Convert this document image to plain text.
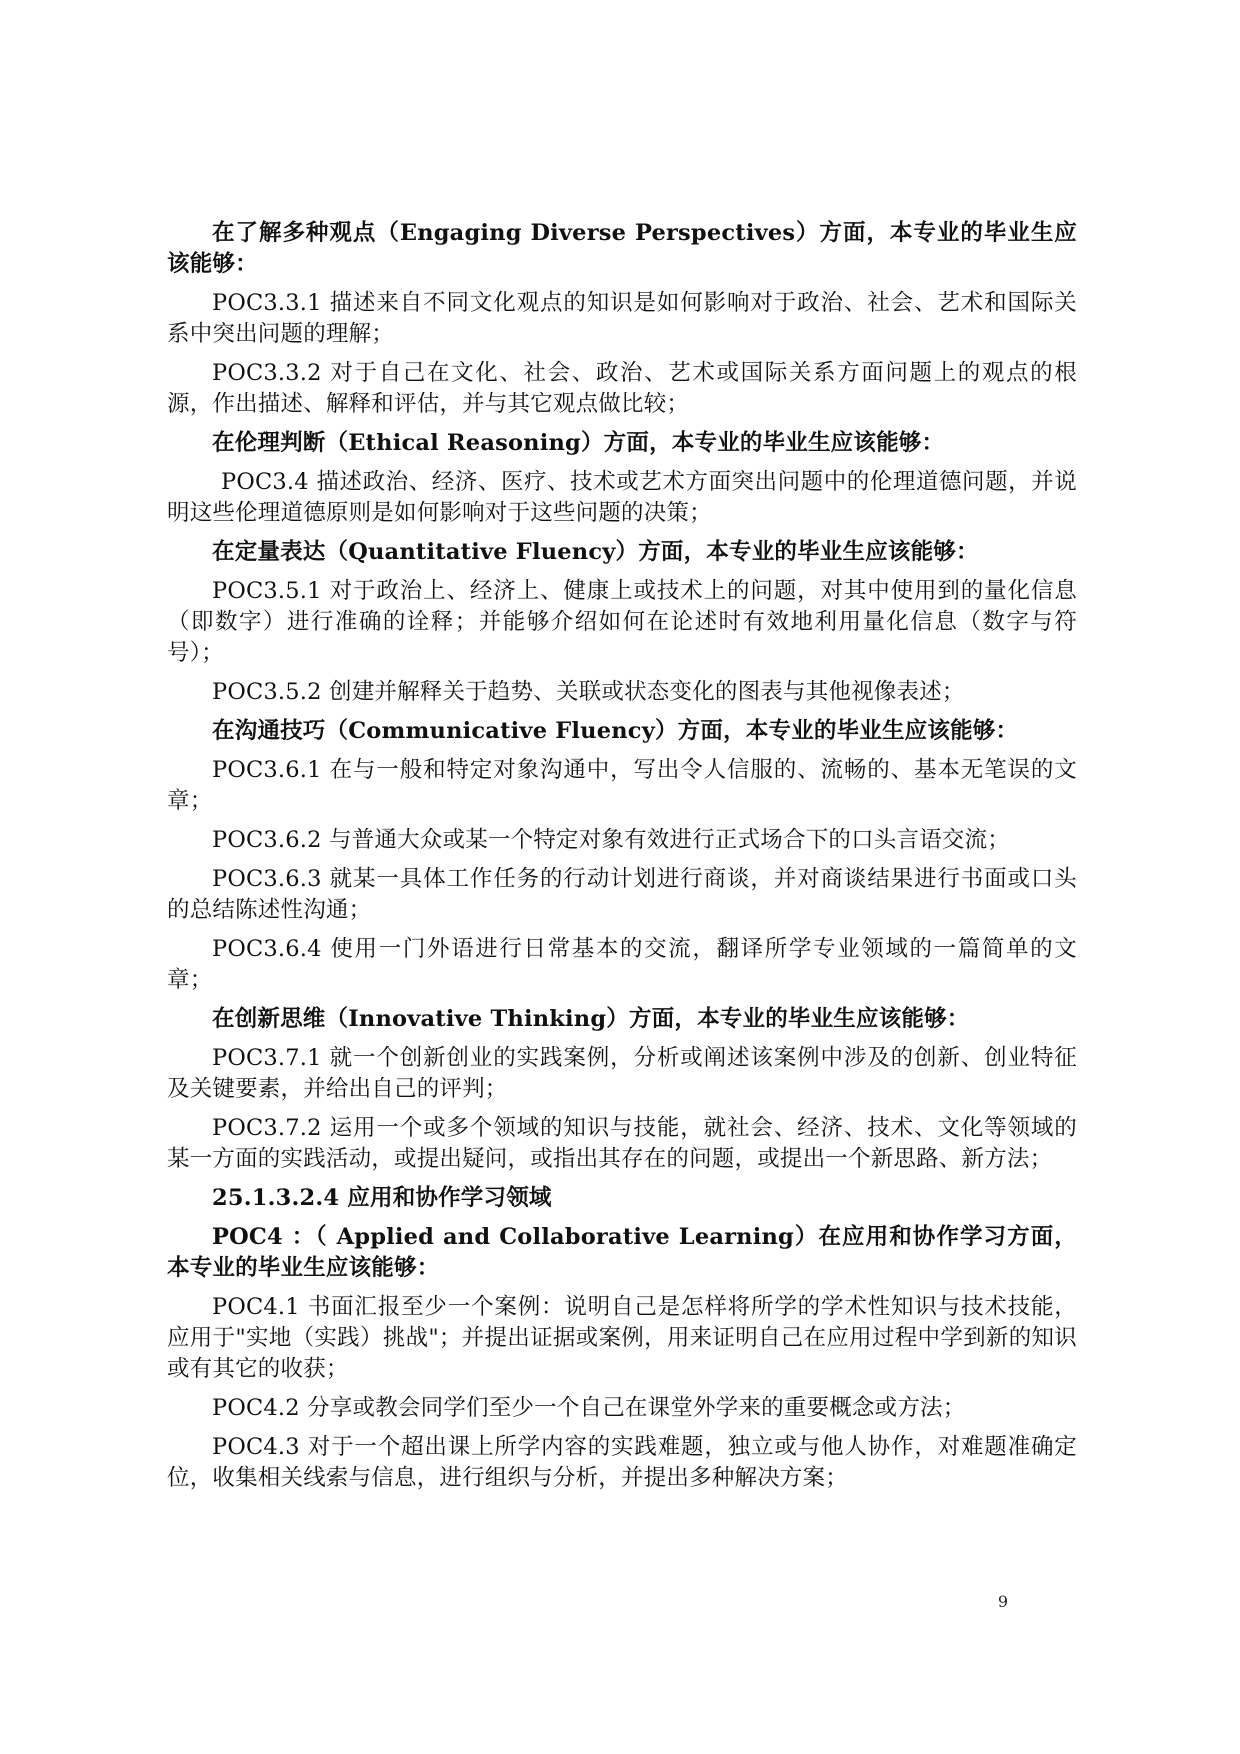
在了解多种观点（Engaging Diverse Perspectives）方面，本专业的毕业生应该能够：

POC3.3.1 描述来自不同文化观点的知识是如何影响对于政治、社会、艺术和国际关系中突出问题的理解；

POC3.3.2 对于自己在文化、社会、政治、艺术或国际关系方面问题上的观点的根源，作出描述、解释和评估，并与其它观点做比较；

在伦理判断（Ethical Reasoning）方面，本专业的毕业生应该能够：

POC3.4 描述政治、经济、医疗、技术或艺术方面突出问题中的伦理道德问题，并说明这些伦理道德原则是如何影响对于这些问题的决策；

在定量表达（Quantitative Fluency）方面，本专业的毕业生应该能够：

POC3.5.1 对于政治上、经济上、健康上或技术上的问题，对其中使用到的量化信息（即数字）进行准确的诠释；并能够介绍如何在论述时有效地利用量化信息（数字与符号）；

POC3.5.2 创建并解释关于趋势、关联或状态变化的图表与其他视像表述；

在沟通技巧（Communicative Fluency）方面，本专业的毕业生应该能够：

POC3.6.1 在与一般和特定对象沟通中，写出令人信服的、流畅的、基本无笔误的文章；

POC3.6.2 与普通大众或某一个特定对象有效进行正式场合下的口头言语交流；

POC3.6.3 就某一具体工作任务的行动计划进行商谈，并对商谈结果进行书面或口头的总结陈述性沟通；

POC3.6.4 使用一门外语进行日常基本的交流，翻译所学专业领域的一篇简单的文章；

在创新思维（Innovative Thinking）方面，本专业的毕业生应该能够：

POC3.7.1 就一个创新创业的实践案例，分析或阐述该案例中涉及的创新、创业特征及关键要素，并给出自己的评判；

POC3.7.2 运用一个或多个领域的知识与技能，就社会、经济、技术、文化等领域的某一方面的实践活动，或提出疑问，或指出其存在的问题，或提出一个新思路、新方法；

25.1.3.2.4 应用和协作学习领域

POC4 ：（ Applied and Collaborative Learning）在应用和协作学习方面，本专业的毕业生应该能够：

POC4.1 书面汇报至少一个案例：说明自己是怎样将所学的学术性知识与技术技能，应用于"实地（实践）挑战"；并提出证据或案例，用来证明自己在应用过程中学到新的知识或有其它的收获；

POC4.2 分享或教会同学们至少一个自己在课堂外学来的重要概念或方法；

POC4.3 对于一个超出课上所学内容的实践难题，独立或与他人协作，对难题准确定位，收集相关线索与信息，进行组织与分析，并提出多种解决方案；

9
